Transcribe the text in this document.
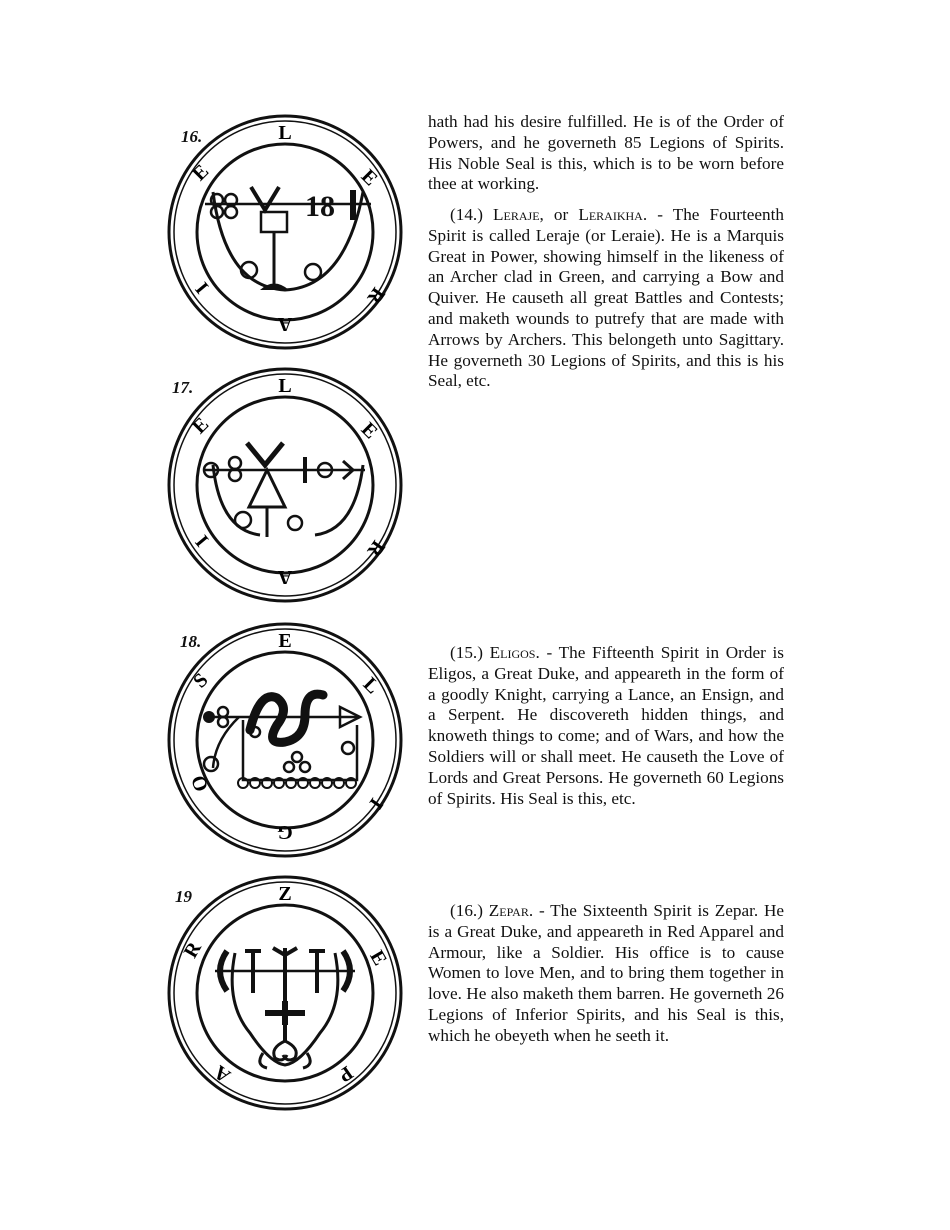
16.	L
E
R
A
I
E
18
17.	L
E
R
A
I
E
18.	E
L
I
G
O
S
19	Z
E
P
A
R

hath had his desire fulfilled. He is of the Order of Powers, and he governeth 85 Legions of Spirits. His Noble Seal is this, which is to be worn before thee at working.

(14.) Leraje, or Leraikha. - The Fourteenth Spirit is called Leraje (or Leraie). He is a Marquis Great in Power, showing himself in the likeness of an Archer clad in Green, and carrying a Bow and Quiver. He causeth all great Battles and Contests; and maketh wounds to putrefy that are made with Arrows by Archers. This belongeth unto Sagittary. He governeth 30 Legions of Spirits, and this is his Seal, etc.

(15.) Eligos. - The Fifteenth Spirit in Order is Eligos, a Great Duke, and appeareth in the form of a goodly Knight, carrying a Lance, an Ensign, and a Serpent. He discovereth hidden things, and knoweth things to come; and of Wars, and how the Soldiers will or shall meet. He causeth the Love of Lords and Great Persons. He governeth 60 Legions of Spirits. His Seal is this, etc.

(16.) Zepar. - The Sixteenth Spirit is Zepar. He is a Great Duke, and appeareth in Red Apparel and Armour, like a Soldier. His office is to cause Women to love Men, and to bring them together in love. He also maketh them barren. He governeth 26 Legions of Inferior Spirits, and his Seal is this, which he obeyeth when he seeth it.
